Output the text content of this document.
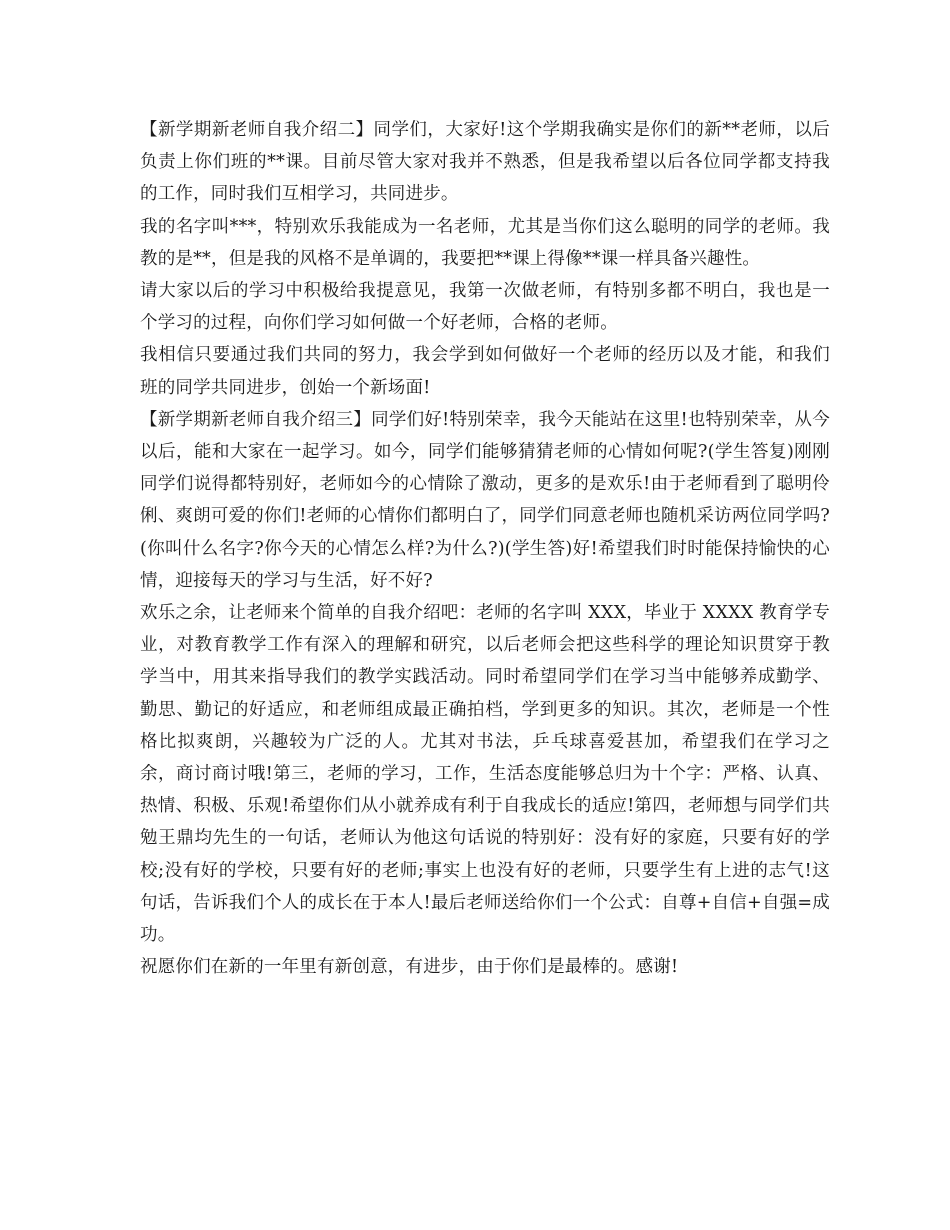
【新学期新老师自我介绍二】同学们，大家好!这个学期我确实是你们的新**老师，以后负责上你们班的**课。目前尽管大家对我并不熟悉，但是我希望以后各位同学都支持我的工作，同时我们互相学习，共同进步。

我的名字叫***，特别欢乐我能成为一名老师，尤其是当你们这么聪明的同学的老师。我教的是**，但是我的风格不是单调的，我要把**课上得像**课一样具备兴趣性。

请大家以后的学习中积极给我提意见，我第一次做老师，有特别多都不明白，我也是一个学习的过程，向你们学习如何做一个好老师，合格的老师。

我相信只要通过我们共同的努力，我会学到如何做好一个老师的经历以及才能，和我们班的同学共同进步，创始一个新场面!

【新学期新老师自我介绍三】同学们好!特别荣幸，我今天能站在这里!也特别荣幸，从今以后，能和大家在一起学习。如今，同学们能够猜猜老师的心情如何呢?(学生答复)刚刚同学们说得都特别好，老师如今的心情除了激动，更多的是欢乐!由于老师看到了聪明伶俐、爽朗可爱的你们!老师的心情你们都明白了，同学们同意老师也随机采访两位同学吗?(你叫什么名字?你今天的心情怎么样?为什么?)(学生答)好!希望我们时时能保持愉快的心情，迎接每天的学习与生活，好不好?

欢乐之余，让老师来个简单的自我介绍吧：老师的名字叫 XXX，毕业于 XXXX 教育学专业，对教育教学工作有深入的理解和研究，以后老师会把这些科学的理论知识贯穿于教学当中，用其来指导我们的教学实践活动。同时希望同学们在学习当中能够养成勤学、勤思、勤记的好适应，和老师组成最正确拍档，学到更多的知识。其次，老师是一个性格比拟爽朗，兴趣较为广泛的人。尤其对书法，乒乓球喜爱甚加，希望我们在学习之余，商讨商讨哦!第三，老师的学习，工作，生活态度能够总归为十个字：严格、认真、热情、积极、乐观!希望你们从小就养成有利于自我成长的适应!第四，老师想与同学们共勉王鼎均先生的一句话，老师认为他这句话说的特别好：没有好的家庭，只要有好的学校;没有好的学校，只要有好的老师;事实上也没有好的老师，只要学生有上进的志气!这句话，告诉我们个人的成长在于本人!最后老师送给你们一个公式：自尊+自信+自强=成功。

祝愿你们在新的一年里有新创意，有进步，由于你们是最棒的。感谢!
